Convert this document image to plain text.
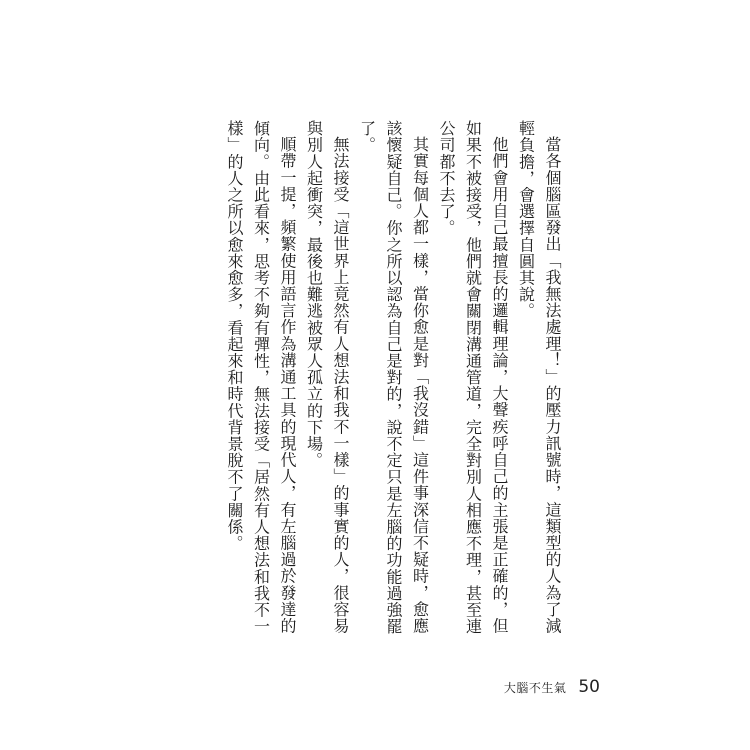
當各個腦區發出「我無法處理！」的壓力訊號時，這類型的人為了減輕負擔，會選擇自圓其說。

他們會用自己最擅長的邏輯理論，大聲疾呼自己的主張是正確的，但如果不被接受，他們就會關閉溝通管道，完全對別人相應不理，甚至連公司都不去了。

其實每個人都一樣，當你愈是對「我沒錯」這件事深信不疑時，愈應該懷疑自己。你之所以認為自己是對的，說不定只是左腦的功能過強罷了。

無法接受「這世界上竟然有人想法和我不一樣」的事實的人，很容易與別人起衝突，最後也難逃被眾人孤立的下場。

順帶一提，頻繁使用語言作為溝通工具的現代人，有左腦過於發達的傾向。由此看來，思考不夠有彈性，無法接受「居然有人想法和我不一樣」的人之所以愈來愈多，看起來和時代背景脫不了關係。

大腦不生氣 50
